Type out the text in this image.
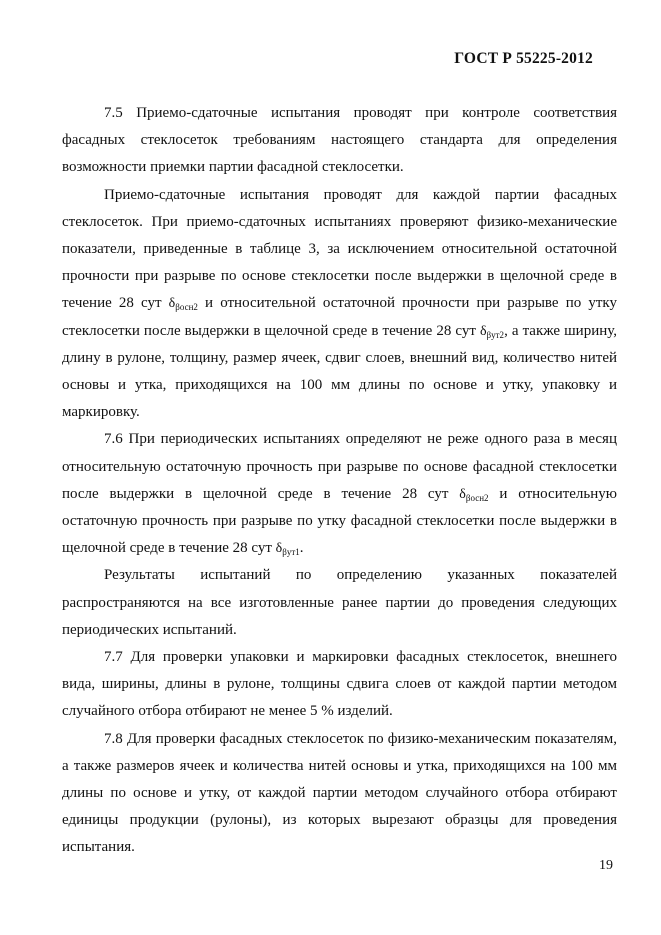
ГОСТ Р 55225-2012

7.5 Приемо-сдаточные испытания проводят при контроле соответствия фасадных стеклосеток требованиям настоящего стандарта для определения возможности приемки партии фасадной стеклосетки.

Приемо-сдаточные испытания проводят для каждой партии фасадных стеклосеток. При приемо-сдаточных испытаниях проверяют физико-механические показатели, приведенные в таблице 3, за исключением относительной остаточной прочности при разрыве по основе стеклосетки после выдержки в щелочной среде в течение 28 сут $\delta_{\beta осн2}$ и относительной остаточной прочности при разрыве по утку стеклосетки после выдержки в щелочной среде в течение 28 сут $\delta_{\beta ут2}$, а также ширину, длину в рулоне, толщину, размер ячеек, сдвиг слоев, внешний вид, количество нитей основы и утка, приходящихся на 100 мм длины по основе и утку, упаковку и маркировку.

7.6 При периодических испытаниях определяют не реже одного раза в месяц относительную остаточную прочность при разрыве по основе фасадной стеклосетки после выдержки в щелочной среде в течение 28 сут $\delta_{\beta осн2}$ и относительную остаточную прочность при разрыве по утку фасадной стеклосетки после выдержки в щелочной среде в течение 28 сут $\delta_{\beta ут1}$.

Результаты испытаний по определению указанных показателей распространяются на все изготовленные ранее партии до проведения следующих периодических испытаний.

7.7 Для проверки упаковки и маркировки фасадных стеклосеток, внешнего вида, ширины, длины в рулоне, толщины сдвига слоев от каждой партии методом случайного отбора отбирают не менее 5 % изделий.

7.8 Для проверки фасадных стеклосеток по физико-механическим показателям, а также размеров ячеек и количества нитей основы и утка, приходящихся на 100 мм длины по основе и утку, от каждой партии методом случайного отбора отбирают единицы продукции (рулоны), из которых вырезают образцы для проведения испытания.

19
